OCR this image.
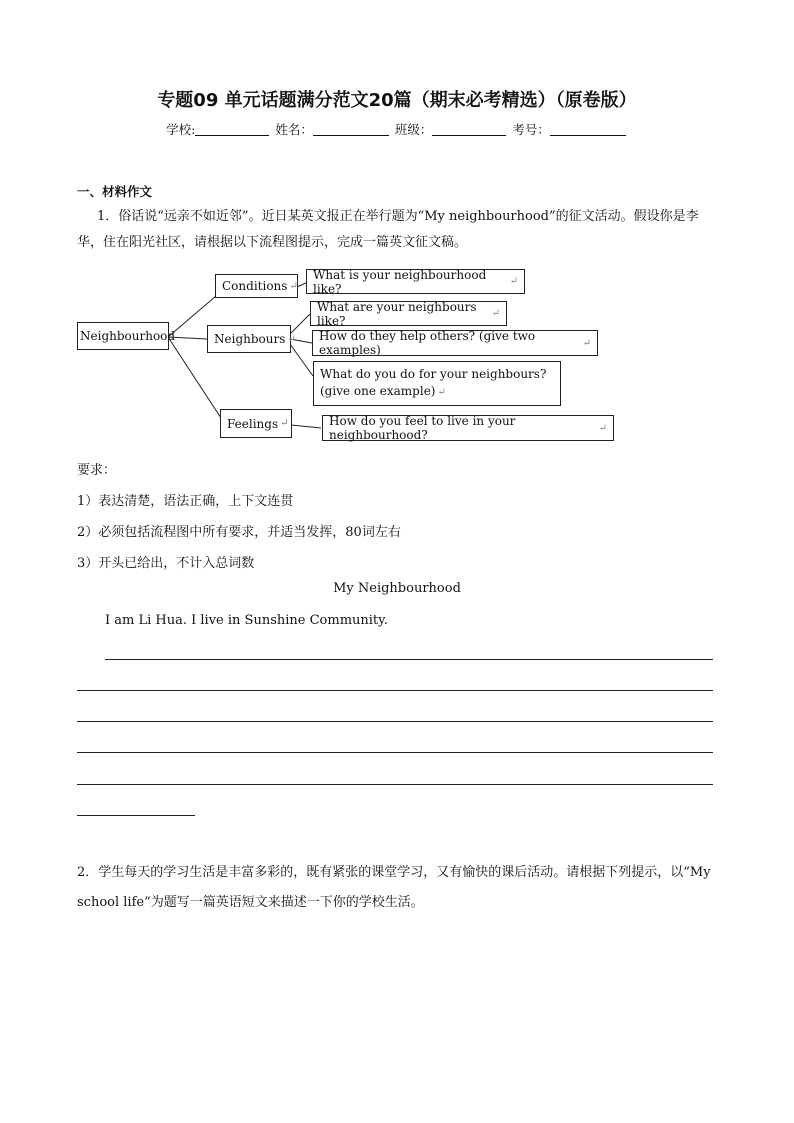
专题09 单元话题满分范文20篇（期末必考精选）（原卷版）
学校:	姓名：	班级：	考号：
一、材料作文
1．俗话说“远亲不如近邻”。近日某英文报正在举行题为“My neighbourhood”的征文活动。假设你是李华，住在阳光社区，请根据以下流程图提示，完成一篇英文征文稿。
Neighbourhood
Conditions ↵
Neighbours ↵
Feelings ↵
What is your neighbourhood like?	↵
What are your neighbours like?	↵
How do they help others? (give two examples)	↵
What do you do for your neighbours?
(give one example) ↵
How do you feel to live in your neighbourhood?	↵
要求：
1）表达清楚，语法正确，上下文连贯
2）必须包括流程图中所有要求，并适当发挥，80词左右
3）开头已给出，不计入总词数
My Neighbourhood
I am Li Hua. I live in Sunshine Community.
2．学生每天的学习生活是丰富多彩的，既有紧张的课堂学习，又有愉快的课后活动。请根据下列提示，以“My school life”为题写一篇英语短文来描述一下你的学校生活。
